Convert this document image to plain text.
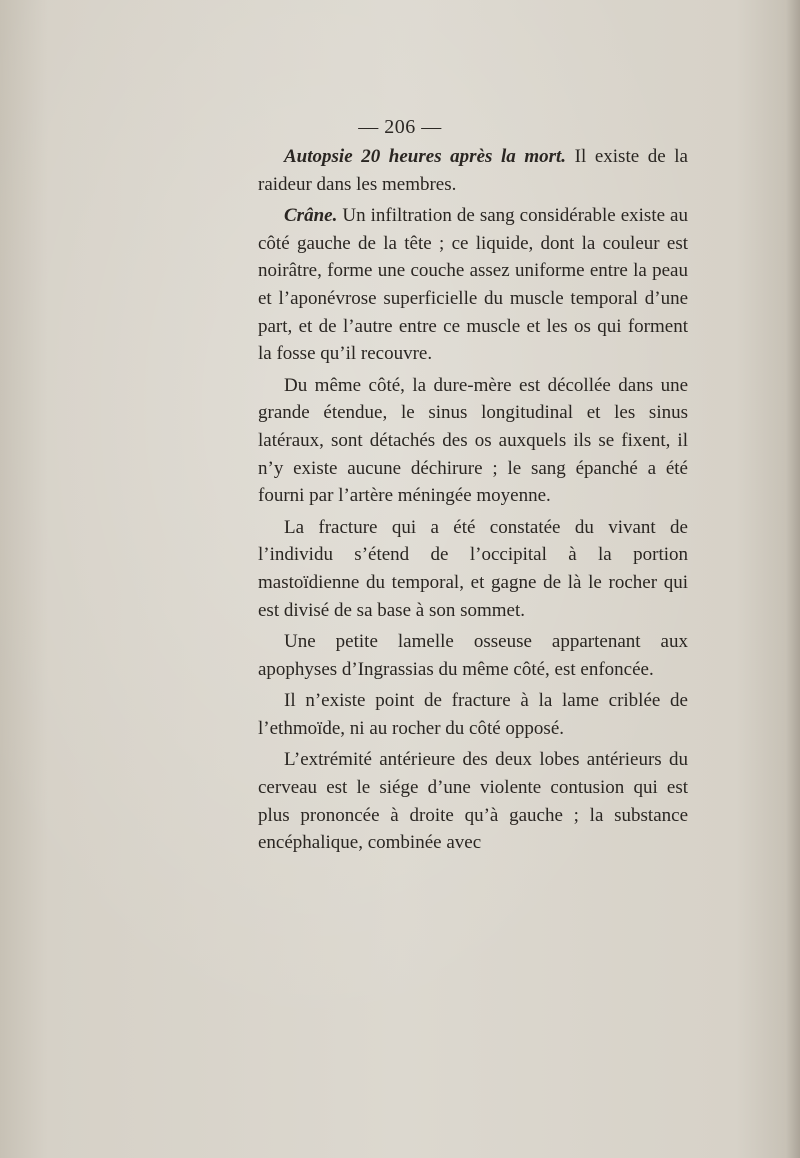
— 206 —

Autopsie 20 heures après la mort. Il existe de la raideur dans les membres.

Crâne. Un infiltration de sang considérable existe au côté gauche de la tête ; ce liquide, dont la couleur est noirâtre, forme une couche assez uniforme entre la peau et l’aponévrose superficielle du muscle temporal d’une part, et de l’autre entre ce muscle et les os qui forment la fosse qu’il recouvre.

Du même côté, la dure-mère est décollée dans une grande étendue, le sinus longitudinal et les sinus latéraux, sont détachés des os auxquels ils se fixent, il n’y existe aucune déchirure ; le sang épanché a été fourni par l’artère méningée moyenne.

La fracture qui a été constatée du vivant de l’individu s’étend de l’occipital à la portion mastoïdienne du temporal, et gagne de là le rocher qui est divisé de sa base à son sommet.

Une petite lamelle osseuse appartenant aux apophyses d’Ingrassias du même côté, est enfoncée.

Il n’existe point de fracture à la lame criblée de l’ethmoïde, ni au rocher du côté opposé.

L’extrémité antérieure des deux lobes antérieurs du cerveau est le siége d’une violente contusion qui est plus prononcée à droite qu’à gauche ; la substance encéphalique, combinée avec
